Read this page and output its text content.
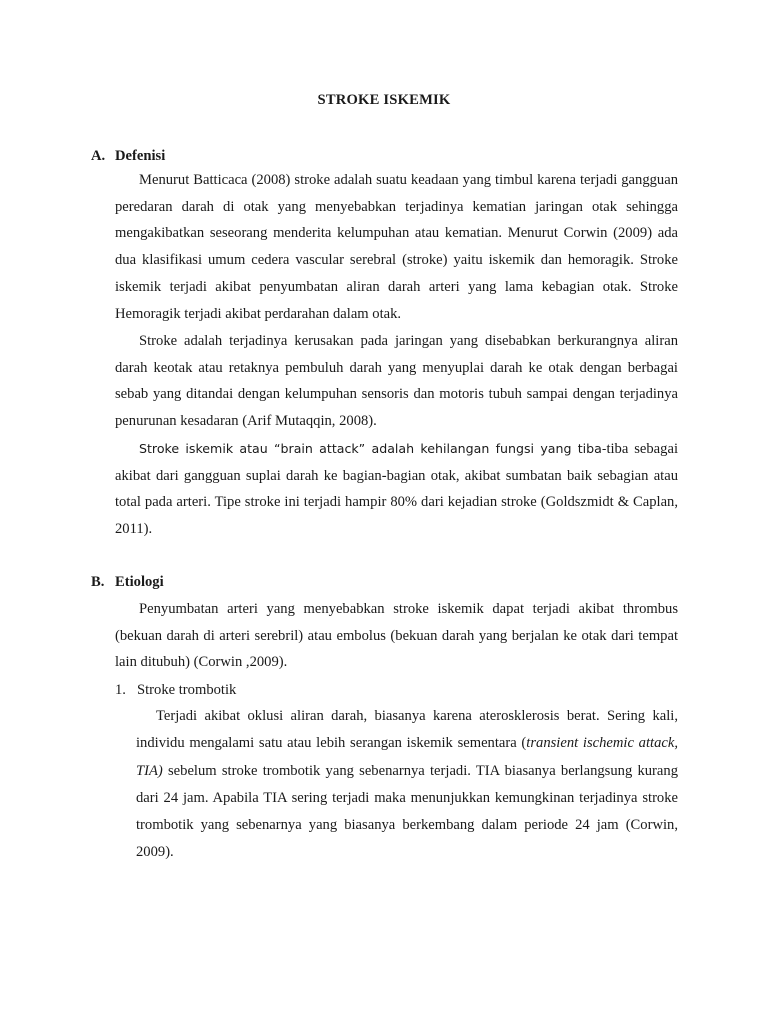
STROKE ISKEMIK
A. Defenisi

Menurut Batticaca (2008) stroke adalah suatu keadaan yang timbul karena terjadi gangguan peredaran darah di otak yang menyebabkan terjadinya kematian jaringan otak sehingga mengakibatkan seseorang menderita kelumpuhan atau kematian. Menurut Corwin (2009) ada dua klasifikasi umum cedera vascular serebral (stroke) yaitu iskemik dan hemoragik. Stroke iskemik terjadi akibat penyumbatan aliran darah arteri yang lama kebagian otak. Stroke Hemoragik terjadi akibat perdarahan dalam otak.

Stroke adalah terjadinya kerusakan pada jaringan yang disebabkan berkurangnya aliran darah keotak atau retaknya pembuluh darah yang menyuplai darah ke otak dengan berbagai sebab yang ditandai dengan kelumpuhan sensoris dan motoris tubuh sampai dengan terjadinya penurunan kesadaran (Arif Mutaqqin, 2008).

Stroke iskemik atau “brain attack” adalah kehilangan fungsi yang tiba-tiba sebagai akibat dari gangguan suplai darah ke bagian-bagian otak, akibat sumbatan baik sebagian atau total pada arteri. Tipe stroke ini terjadi hampir 80% dari kejadian stroke (Goldszmidt & Caplan, 2011).

B. Etiologi

Penyumbatan arteri yang menyebabkan stroke iskemik dapat terjadi akibat thrombus (bekuan darah di arteri serebril) atau embolus (bekuan darah yang berjalan ke otak dari tempat lain ditubuh) (Corwin ,2009).

1. Stroke trombotik

Terjadi akibat oklusi aliran darah, biasanya karena aterosklerosis berat. Sering kali, individu mengalami satu atau lebih serangan iskemik sementara (transient ischemic attack, TIA) sebelum stroke trombotik yang sebenarnya terjadi. TIA biasanya berlangsung kurang dari 24 jam. Apabila TIA sering terjadi maka menunjukkan kemungkinan terjadinya stroke trombotik yang sebenarnya yang biasanya berkembang dalam periode 24 jam (Corwin, 2009).
